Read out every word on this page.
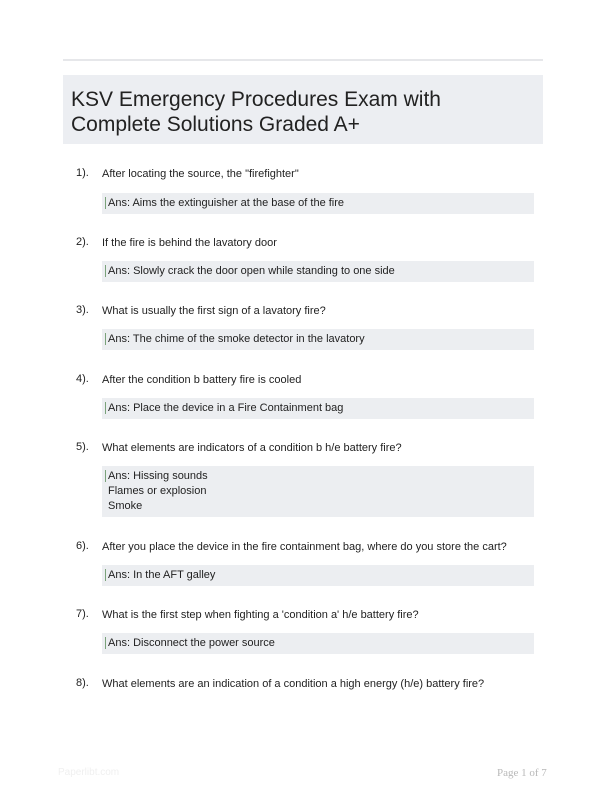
KSV Emergency Procedures Exam with Complete Solutions Graded A+
1). After locating the source, the "firefighter"
Ans: Aims the extinguisher at the base of the fire
2). If the fire is behind the lavatory door
Ans: Slowly crack the door open while standing to one side
3). What is usually the first sign of a lavatory fire?
Ans: The chime of the smoke detector in the lavatory
4). After the condition b battery fire is cooled
Ans: Place the device in a Fire Containment bag
5). What elements are indicators of a condition b h/e battery fire?
Ans: Hissing sounds
Flames or explosion
Smoke
6). After you place the device in the fire containment bag, where do you store the cart?
Ans: In the AFT galley
7). What is the first step when fighting a 'condition a' h/e battery fire?
Ans: Disconnect the power source
8). What elements are an indication of a condition a high energy (h/e) battery fire?
Paperlibt.com	Page 1 of 7
